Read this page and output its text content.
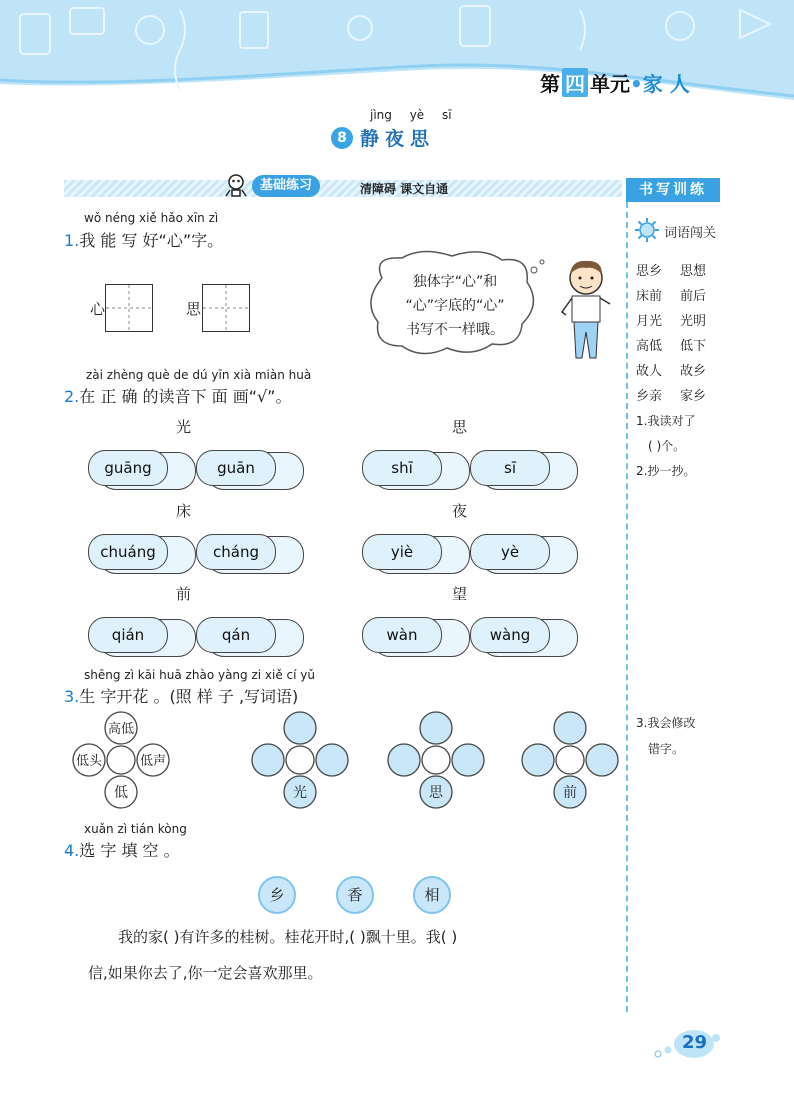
第 四 单元•家 人
jìng yè sī
8 静夜思
基础练习	清障碍 课文自通	书写训练
词语闯关
思乡 思想
床前 前后
月光 光明
高低 低下
故人 故乡
乡亲 家乡
1.我读对了
( )个。
2.抄一抄。
3.我会修改
错字。
wǒ néng xiě hǎo xīn zì
1.我 能 写 好“心”字。
心	思
独体字“心”和
“心”字底的“心”
书写不一样哦。
zài zhèng què de dú yīn xià miàn huà
2.在 正 确 的读音下 面 画“√”。
光
guāng	guān
思
shī	sī
床
chuáng	cháng
夜
yiè	yè
前
qián	qán
望
wàn	wàng
shēng zì kāi huā zhào yàng zi xiě cí yǔ
3.生 字开花 。(照 样 子 ,写词语)
高低
低头	低声
低	光	思	前
xuǎn zì tián kòng
4.选 字 填 空 。
乡	香	相
我的家( )有许多的桂树。桂花开时,( )飘十里。我( )
信,如果你去了,你一定会喜欢那里。
29
